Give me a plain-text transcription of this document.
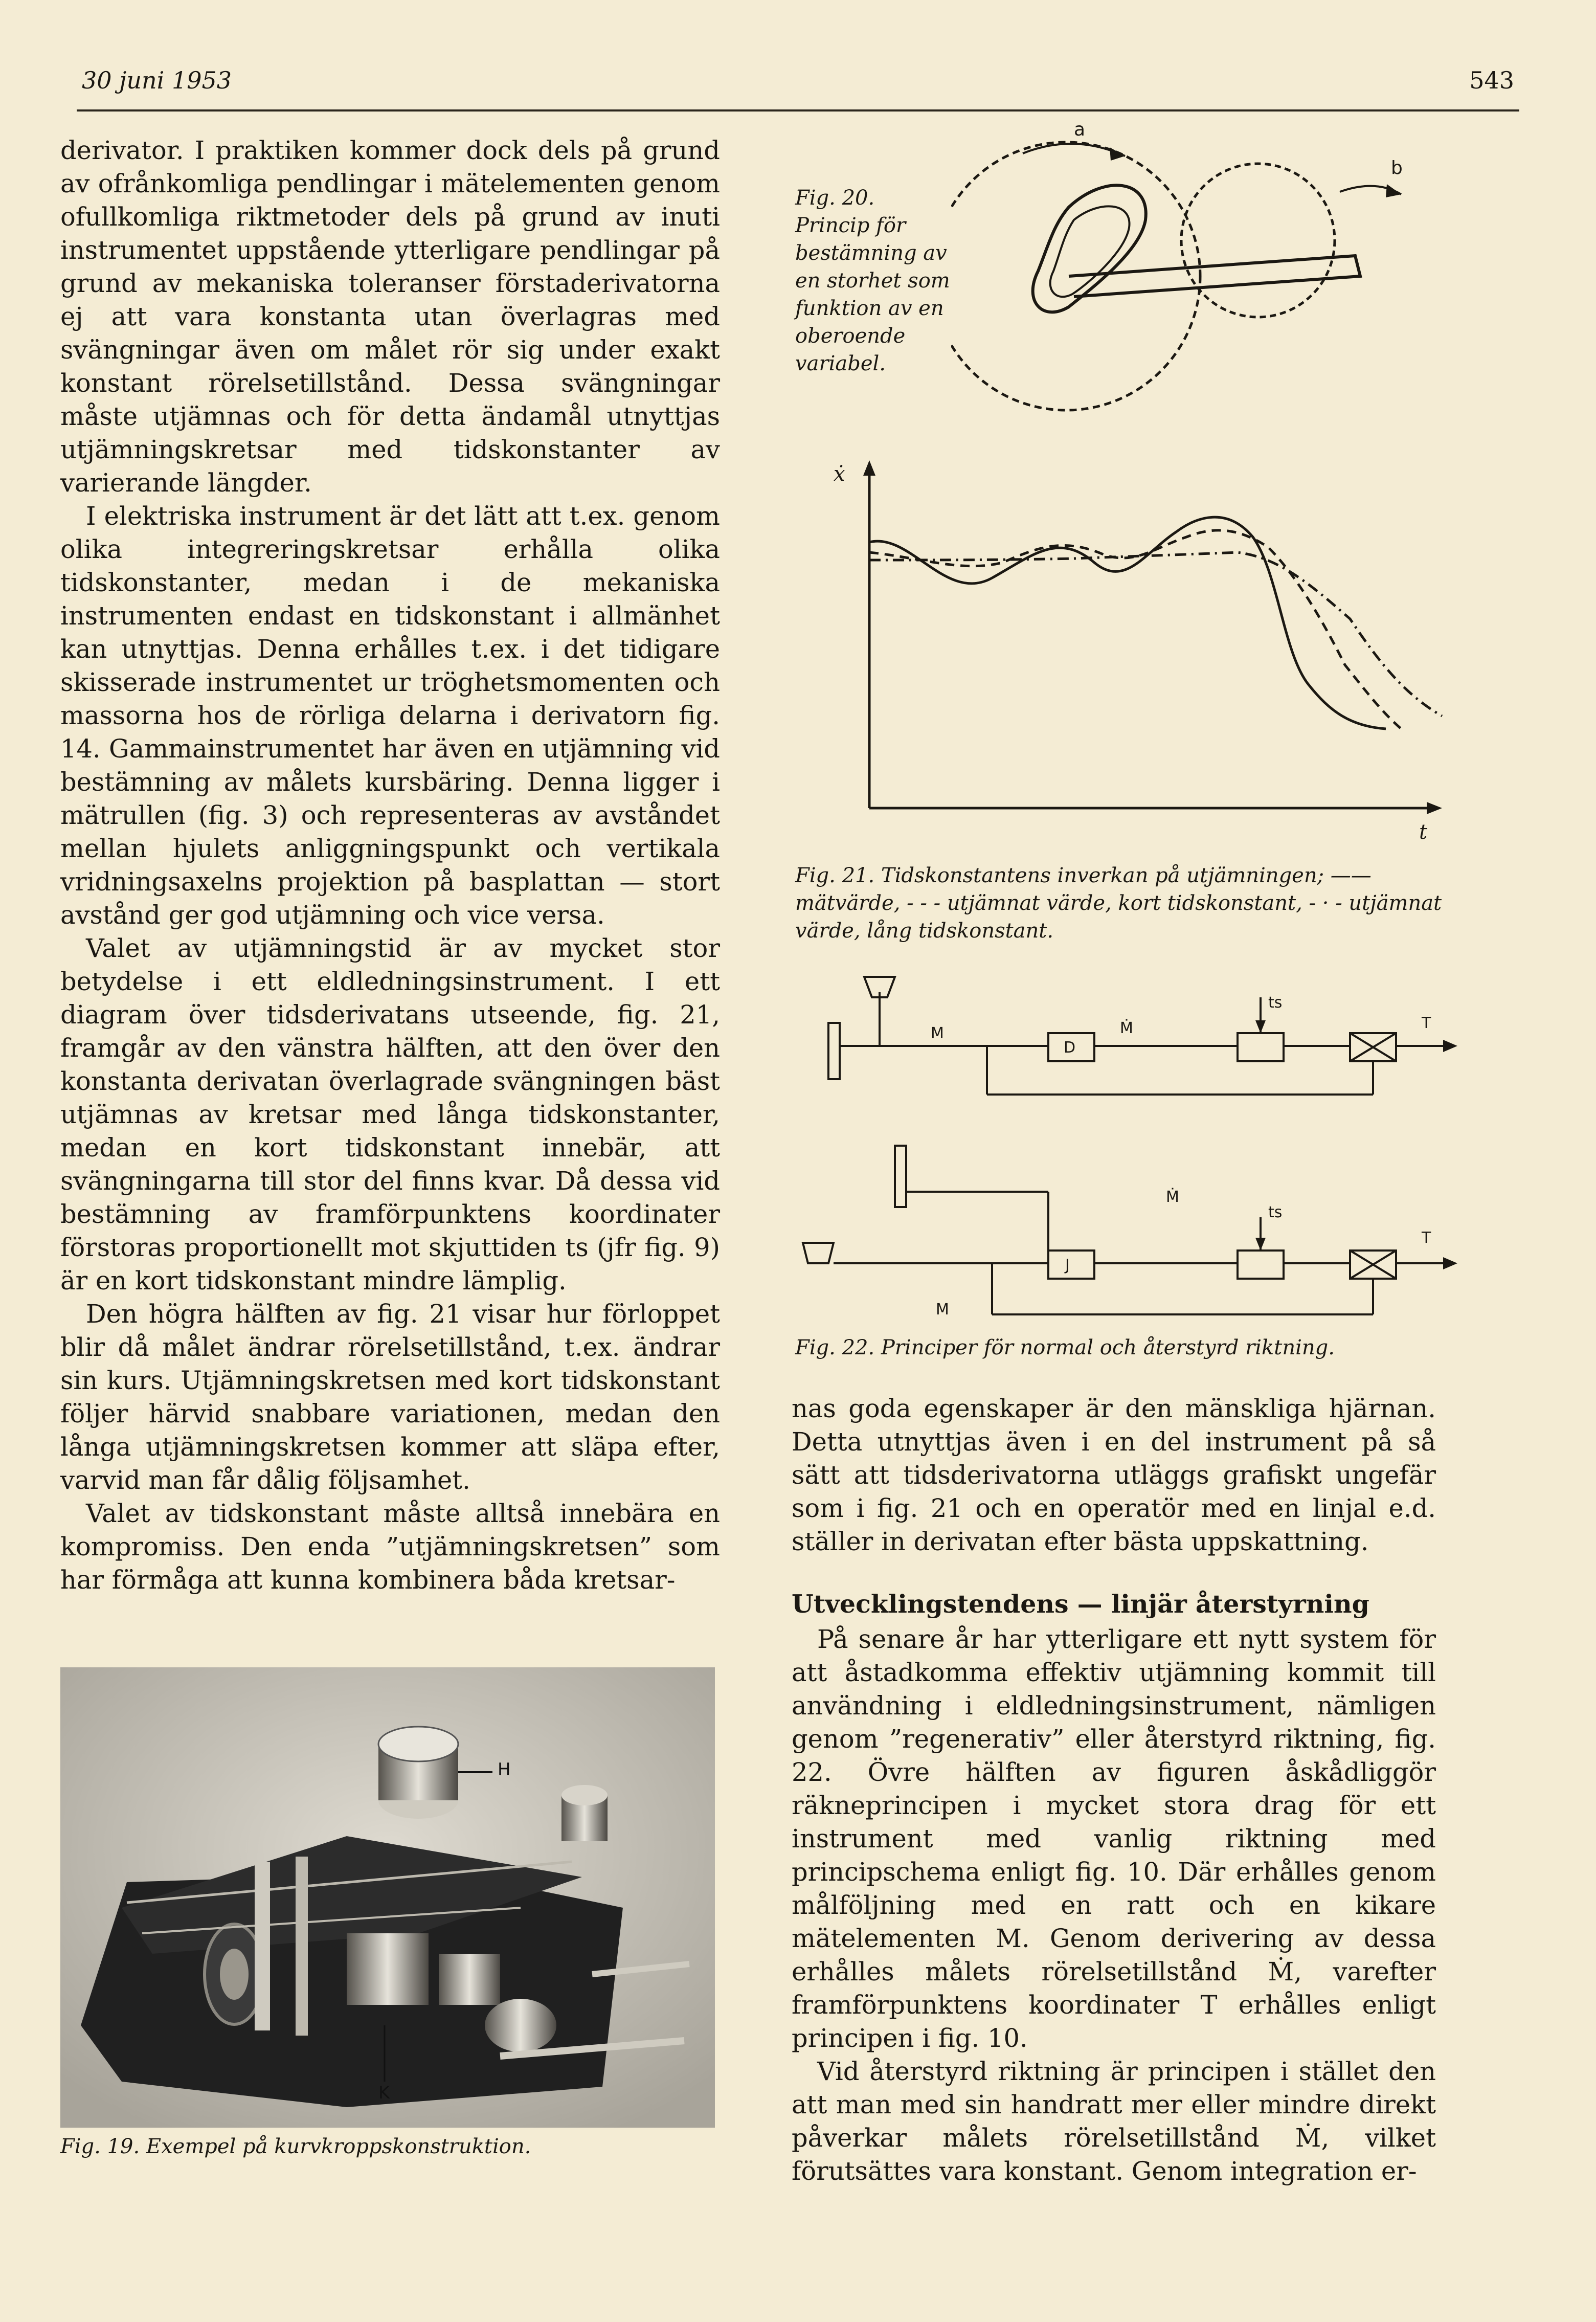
30 juni 1953	543

derivator. I praktiken kommer dock dels på grund av ofrånkomliga pendlingar i mätelementen genom ofullkomliga riktmetoder dels på grund av inuti instrumentet uppstående ytterligare pendlingar på grund av mekaniska toleranser förstaderivatorna ej att vara konstanta utan överlagras med svängningar även om målet rör sig under exakt konstant rörelsetillstånd. Dessa svängningar måste utjämnas och för detta ändamål utnyttjas utjämningskretsar med tidskonstanter av varierande längder.

I elektriska instrument är det lätt att t.ex. genom olika integreringskretsar erhålla olika tidskonstanter, medan i de mekaniska instrumenten endast en tidskonstant i allmänhet kan utnyttjas. Denna erhålles t.ex. i det tidigare skisserade instrumentet ur tröghetsmomenten och massorna hos de rörliga delarna i derivatorn fig. 14. Gammainstrumentet har även en utjämning vid bestämning av målets kursbäring. Denna ligger i mätrullen (fig. 3) och representeras av avståndet mellan hjulets anliggningspunkt och vertikala vridningsaxelns projektion på basplattan — stort avstånd ger god utjämning och vice versa.

Valet av utjämningstid är av mycket stor betydelse i ett eldledningsinstrument. I ett diagram över tidsderivatans utseende, fig. 21, framgår av den vänstra hälften, att den över den konstanta derivatan överlagrade svängningen bäst utjämnas av kretsar med långa tidskonstanter, medan en kort tidskonstant innebär, att svängningarna till stor del finns kvar. Då dessa vid bestämning av framförpunktens koordinater förstoras proportionellt mot skjuttiden ts (jfr fig. 9) är en kort tidskonstant mindre lämplig.

Den högra hälften av fig. 21 visar hur förloppet blir då målet ändrar rörelsetillstånd, t.ex. ändrar sin kurs. Utjämningskretsen med kort tidskonstant följer härvid snabbare variationen, medan den långa utjämningskretsen kommer att släpa efter, varvid man får dålig följsamhet.

Valet av tidskonstant måste alltså innebära en kompromiss. Den enda ”utjämningskretsen” som har förmåga att kunna kombinera båda kretsar-

H
K
Fig. 19. Exempel på kurvkroppskonstruktion.
Fig. 20. Princip för bestämning av en storhet som funktion av en oberoende variabel.
a
b
ẋ
t
Fig. 21. Tidskonstantens inverkan på utjämningen; —— mätvärde, - - - utjämnat värde, kort tidskonstant, - · - utjämnat värde, lång tidskonstant.
D
M	Ṁ
ts
T
J
M
Ṁ
ts
T
Fig. 22. Principer för normal och återstyrd riktning.

nas goda egenskaper är den mänskliga hjärnan. Detta utnyttjas även i en del instrument på så sätt att tidsderivatorna utläggs grafiskt ungefär som i fig. 21 och en operatör med en linjal e.d. ställer in derivatan efter bästa uppskattning.

Utvecklingstendens — linjär återstyrning

På senare år har ytterligare ett nytt system för att åstadkomma effektiv utjämning kommit till användning i eldledningsinstrument, nämligen genom ”regenerativ” eller återstyrd riktning, fig. 22. Övre hälften av figuren åskådliggör räkneprincipen i mycket stora drag för ett instrument med vanlig riktning med principschema enligt fig. 10. Där erhålles genom målföljning med en ratt och en kikare mätelementen M. Genom derivering av dessa erhålles målets rörelsetillstånd Ṁ, varefter framförpunktens koordinater T erhålles enligt principen i fig. 10.

Vid återstyrd riktning är principen i stället den att man med sin handratt mer eller mindre direkt påverkar målets rörelsetillstånd Ṁ, vilket förutsättes vara konstant. Genom integration er-
